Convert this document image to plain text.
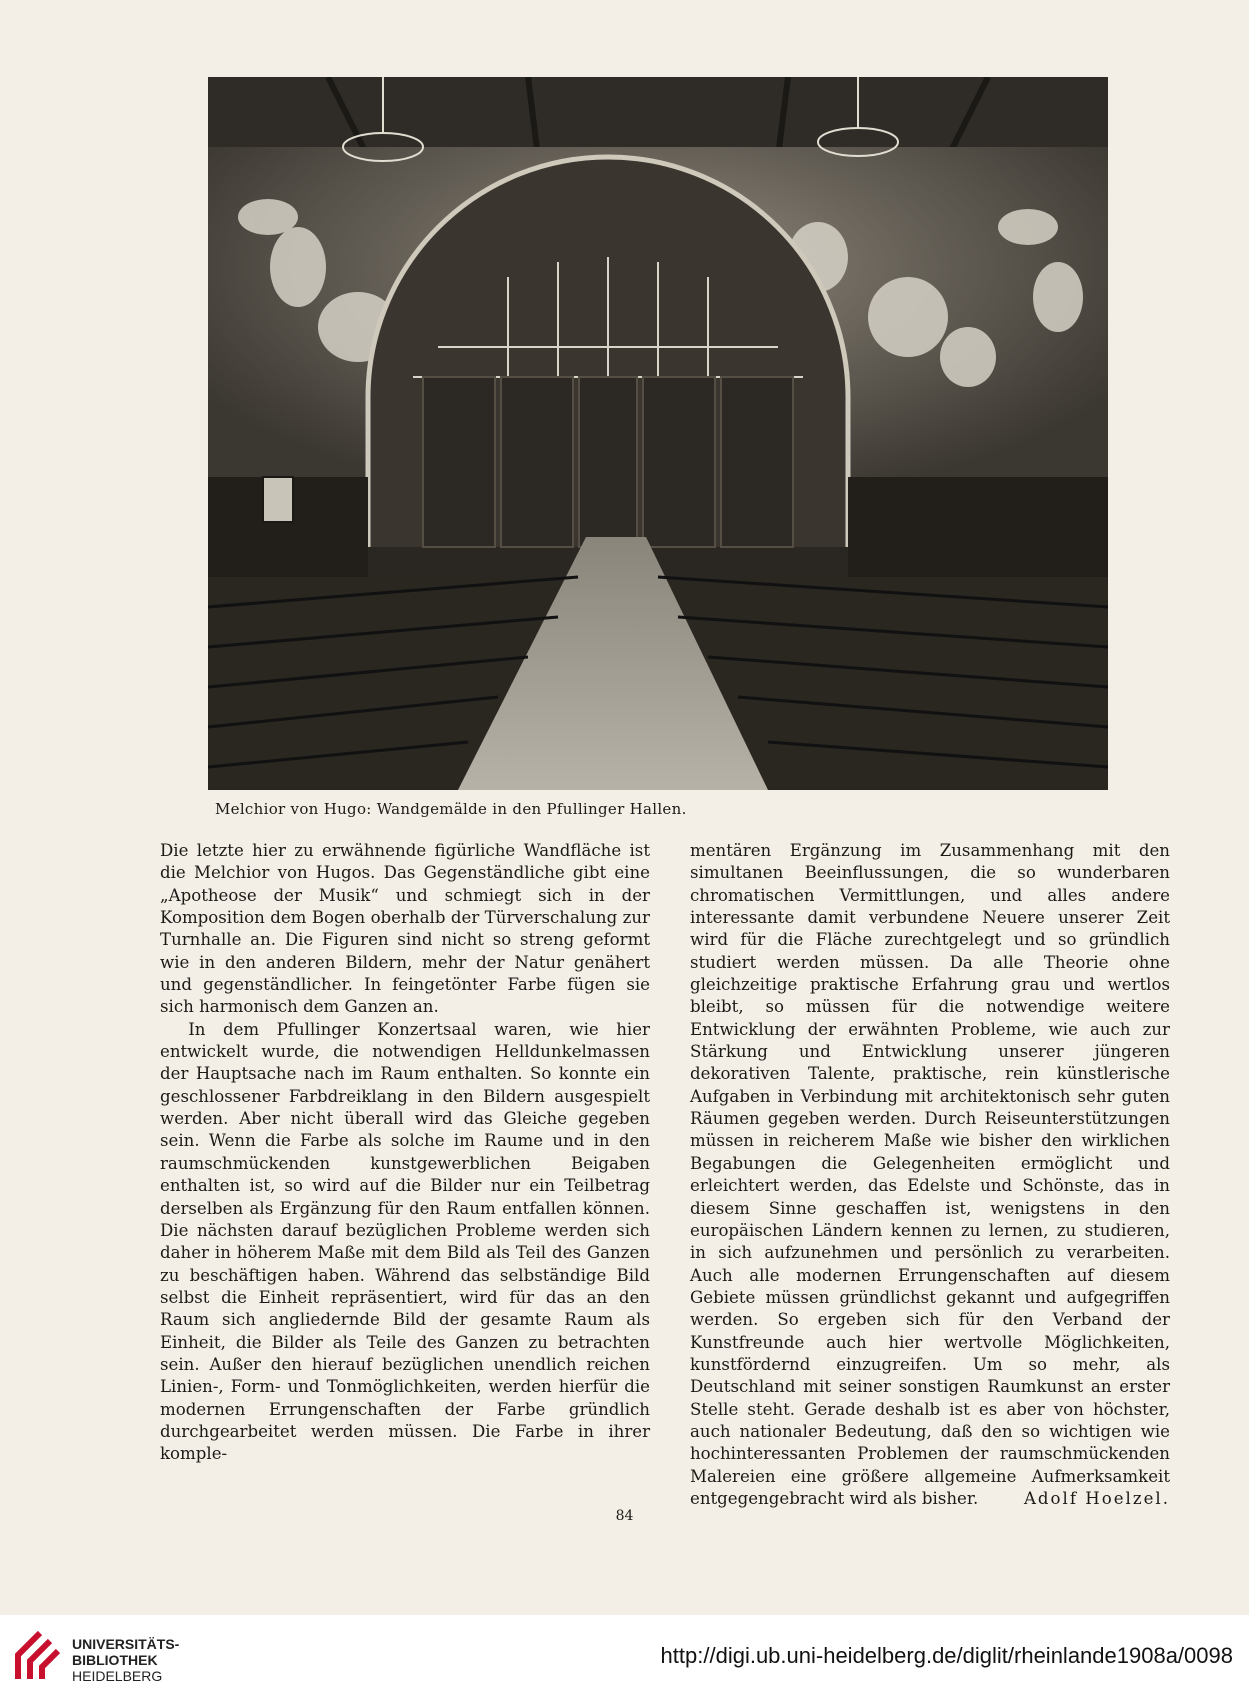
Melchior von Hugo: Wandgemälde in den Pfullinger Hallen.

Die letzte hier zu erwähnende figürliche Wandfläche ist die Melchior von Hugos. Das Gegenständliche gibt eine „Apotheose der Musik“ und schmiegt sich in der Komposition dem Bogen oberhalb der Türverschalung zur Turnhalle an. Die Figuren sind nicht so streng geformt wie in den anderen Bildern, mehr der Natur genähert und gegenständlicher. In feingetönter Farbe fügen sie sich harmonisch dem Ganzen an.

In dem Pfullinger Konzertsaal waren, wie hier entwickelt wurde, die notwendigen Helldunkelmassen der Hauptsache nach im Raum enthalten. So konnte ein geschlossener Farbdreiklang in den Bildern ausgespielt werden. Aber nicht überall wird das Gleiche gegeben sein. Wenn die Farbe als solche im Raume und in den raumschmückenden kunstgewerblichen Beigaben enthalten ist, so wird auf die Bilder nur ein Teilbetrag derselben als Ergänzung für den Raum entfallen können. Die nächsten darauf bezüglichen Probleme werden sich daher in höherem Maße mit dem Bild als Teil des Ganzen zu beschäftigen haben. Während das selbständige Bild selbst die Einheit repräsentiert, wird für das an den Raum sich angliedernde Bild der gesamte Raum als Einheit, die Bilder als Teile des Ganzen zu betrachten sein. Außer den hierauf bezüglichen unendlich reichen Linien-, Form- und Tonmöglichkeiten, werden hierfür die modernen Errungenschaften der Farbe gründlich durchgearbeitet werden müssen. Die Farbe in ihrer komple-

mentären Ergänzung im Zusammenhang mit den simultanen Beeinflussungen, die so wunderbaren chromatischen Vermittlungen, und alles andere interessante damit verbundene Neuere unserer Zeit wird für die Fläche zurechtgelegt und so gründlich studiert werden müssen. Da alle Theorie ohne gleichzeitige praktische Erfahrung grau und wertlos bleibt, so müssen für die notwendige weitere Entwicklung der erwähnten Probleme, wie auch zur Stärkung und Entwicklung unserer jüngeren dekorativen Talente, praktische, rein künstlerische Aufgaben in Verbindung mit architektonisch sehr guten Räumen gegeben werden. Durch Reiseunterstützungen müssen in reicherem Maße wie bisher den wirklichen Begabungen die Gelegenheiten ermöglicht und erleichtert werden, das Edelste und Schönste, das in diesem Sinne geschaffen ist, wenigstens in den europäischen Ländern kennen zu lernen, zu studieren, in sich aufzunehmen und persönlich zu verarbeiten. Auch alle modernen Errungenschaften auf diesem Gebiete müssen gründlichst gekannt und aufgegriffen werden. So ergeben sich für den Verband der Kunstfreunde auch hier wertvolle Möglichkeiten, kunstfördernd einzugreifen. Um so mehr, als Deutschland mit seiner sonstigen Raumkunst an erster Stelle steht. Gerade deshalb ist es aber von höchster, auch nationaler Bedeutung, daß den so wichtigen wie hochinteressanten Problemen der raumschmückenden Malereien eine größere allgemeine Aufmerksamkeit entgegengebracht wird als bisher.	Adolf Hoelzel.
84
UNIVERSITÄTS-
BIBLIOTHEK
HEIDELBERG
http://digi.ub.uni-heidelberg.de/diglit/rheinlande1908a/0098
